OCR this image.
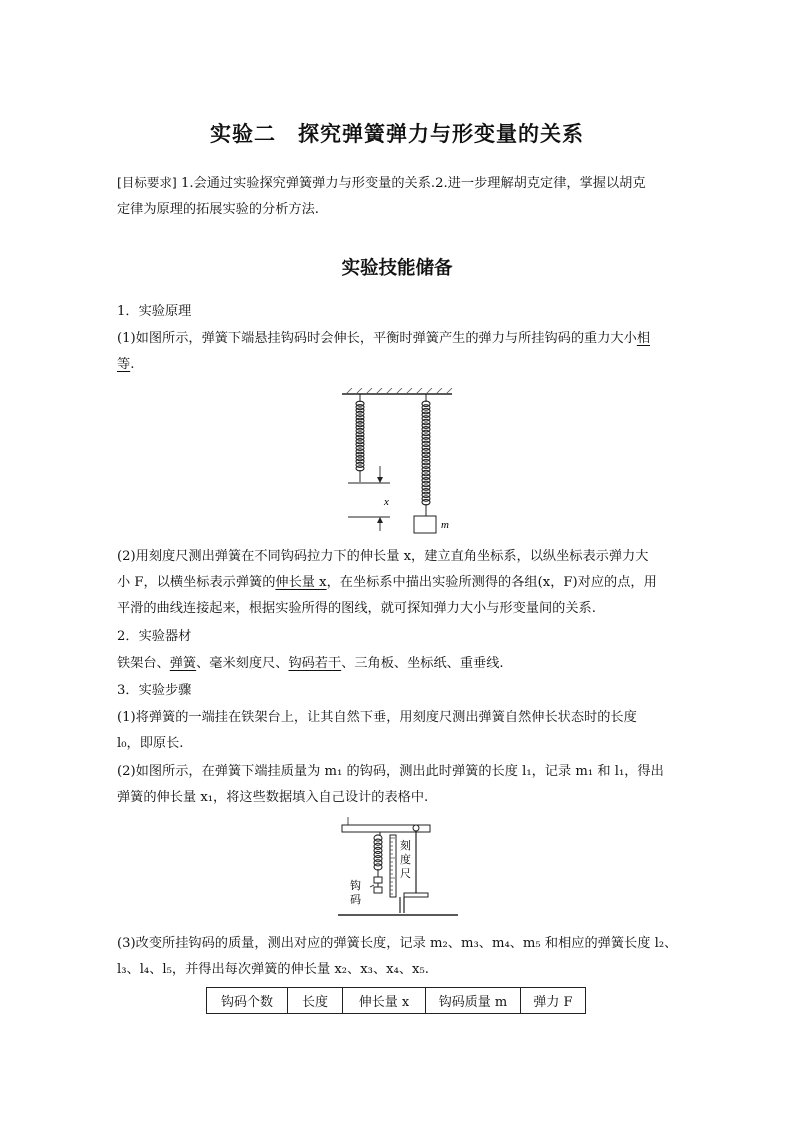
实验二 探究弹簧弹力与形变量的关系
[目标要求] 1.会通过实验探究弹簧弹力与形变量的关系.2.进一步理解胡克定律，掌握以胡克
定律为原理的拓展实验的分析方法.
实验技能储备
1．实验原理
(1)如图所示，弹簧下端悬挂钩码时会伸长，平衡时弹簧产生的弹力与所挂钩码的重力大小相
等.
x
m
(2)用刻度尺测出弹簧在不同钩码拉力下的伸长量 x，建立直角坐标系，以纵坐标表示弹力大
小 F，以横坐标表示弹簧的伸长量 x，在坐标系中描出实验所测得的各组(x，F)对应的点，用
平滑的曲线连接起来，根据实验所得的图线，就可探知弹力大小与形变量间的关系.
2．实验器材
铁架台、弹簧、毫米刻度尺、钩码若干、三角板、坐标纸、重垂线.
3．实验步骤
(1)将弹簧的一端挂在铁架台上，让其自然下垂，用刻度尺测出弹簧自然伸长状态时的长度
l₀，即原长.
(2)如图所示，在弹簧下端挂质量为 m₁ 的钩码，测出此时弹簧的长度 l₁，记录 m₁ 和 l₁，得出
弹簧的伸长量 x₁，将这些数据填入自己设计的表格中.
刻
度
尺
钩
码
(3)改变所挂钩码的质量，测出对应的弹簧长度，记录 m₂、m₃、m₄、m₅ 和相应的弹簧长度 l₂、
l₃、l₄、l₅，并得出每次弹簧的伸长量 x₂、x₃、x₄、x₅.
钩码个数	长度	伸长量 x	钩码质量 m	弹力 F
